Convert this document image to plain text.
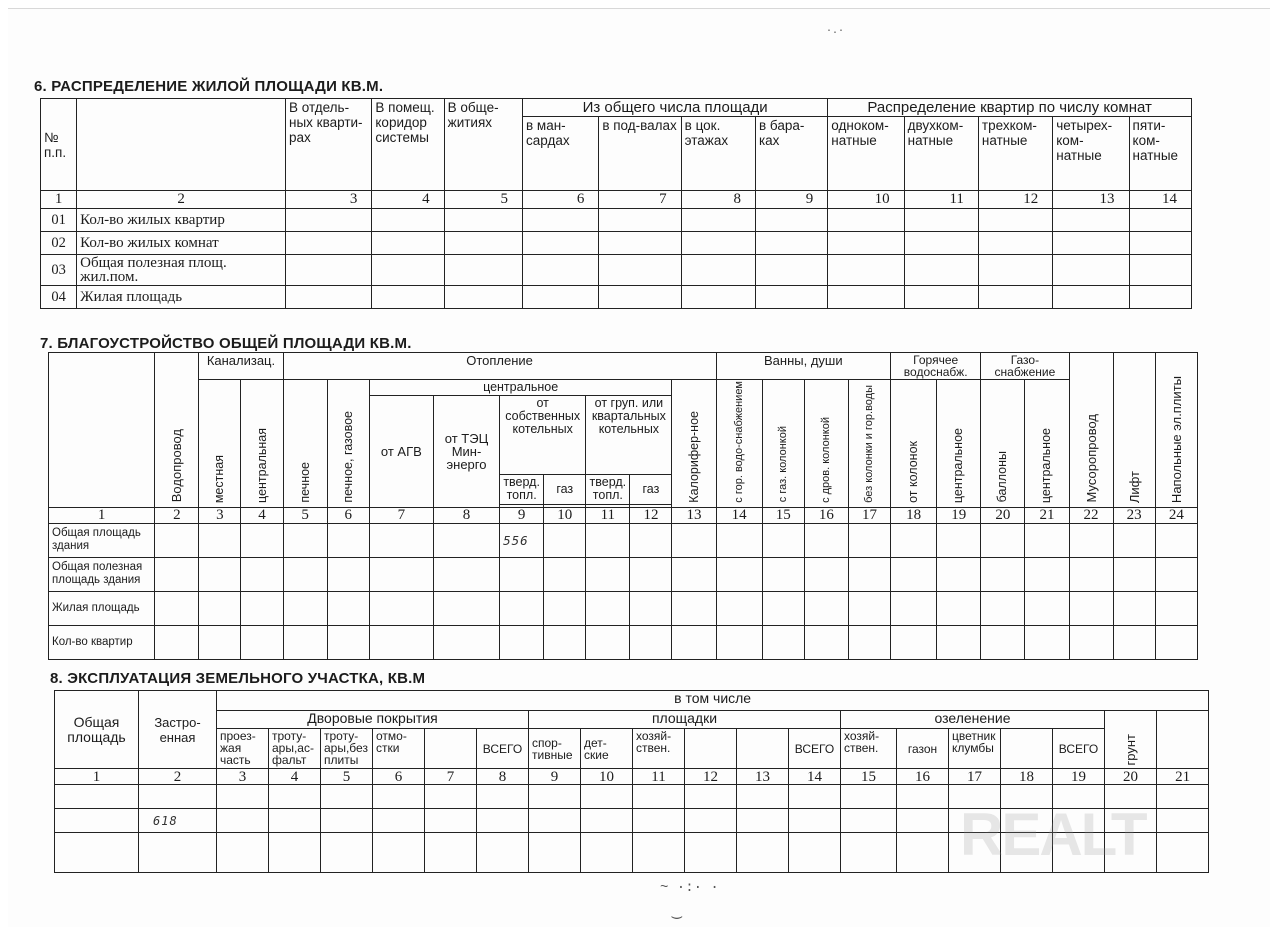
6. РАСПРЕДЕЛЕНИЕ ЖИЛОЙ ПЛОЩАДИ КВ.М.
№ п.п.		В отдель-ных кварти-рах	В помещ. коридор системы	В обще-житиях	Из общего числа площади				Распределение квартир по числу комнат				
					в ман-сардах	в под-валах	в цок. этажах	в бара-ках	одноком-натные	двухком-натные	трехком-натные	четырех-ком-натные	пяти-ком-натные
1	2	3	4	5	6	7	8	9	10	11	12	13	14
01	Кол-во жилых квартир												
02	Кол-во жилых комнат												
03	Общая полезная площ. жил.пом.												
04	Жилая площадь												
7. БЛАГОУСТРОЙСТВО ОБЩЕЙ ПЛОЩАДИ КВ.М.
	Водопровод	Канализац.		Отопление									Ванны, души				Горячее водоснабж.		Газо-снабжение		Мусоропровод	Лифт	Напольные эл.плиты
		местная	центральная	печное	печное, газовое	центральное						Калорифер-ное	с гор. водо-снабжением	с газ. колонкой	с дров. колонкой	без колонки и гор.воды	от колонок	центральное	баллоны	центральное			
						от АГВ	от ТЭЦ Мин-энерго	от собственных котельных		от груп. или квартальных котельных													
								тверд. топл.	газ	тверд. топл.	газ												

1	2	3	4	5	6	7	8	9	10	11	12	13	14	15	16	17	18	19	20	21	22	23	24
Общая площадь здания								556															
Общая полезная площадь здания																							
Жилая площадь																							
Кол-во квартир																							
8. ЭКСПЛУАТАЦИЯ ЗЕМЕЛЬНОГО УЧАСТКА, КВ.М
Общая площадь	Застро-енная	в том числе																		
		Дворовые покрытия						площадки						озеленение					грунт	
		проез-жая часть	троту-ары,ас-фальт	троту-ары,без плиты	отмо-стки		ВСЕГО	спор-тивные	дет-ские	хозяй-ствен.			ВСЕГО	хозяй-ствен.	газон	цветник клумбы		ВСЕГО		
1	2	3	4	5	6	7	8	9	10	11	12	13	14	15	16	17	18	19	20	21

	618																			
																					REALT
·.·
~ ·:· ·
‿
